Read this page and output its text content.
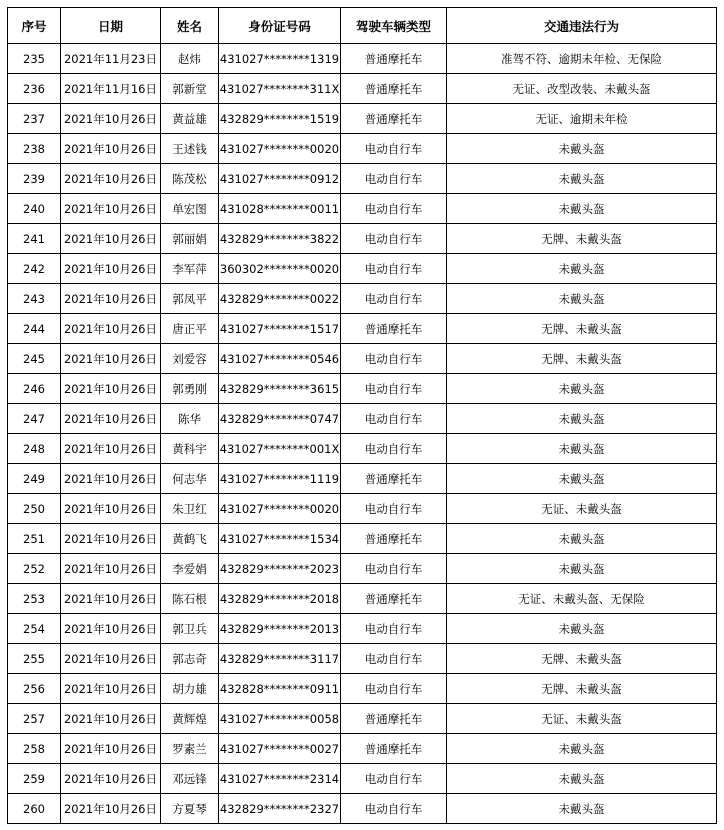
序号	日期	姓名	身份证号码	驾驶车辆类型	交通违法行为
235	2021年11月23日	赵炜	431027********1319	普通摩托车	准驾不符、逾期未年检、无保险
236	2021年11月16日	郭新堂	431027********311X	普通摩托车	无证、改型改装、未戴头盔
237	2021年10月26日	黄益雄	432829********1519	普通摩托车	无证、逾期未年检
238	2021年10月26日	王述钱	431027********0020	电动自行车	未戴头盔
239	2021年10月26日	陈茂松	431027********0912	电动自行车	未戴头盔
240	2021年10月26日	单宏图	431028********0011	电动自行车	未戴头盔
241	2021年10月26日	郭丽娟	432829********3822	电动自行车	无牌、未戴头盔
242	2021年10月26日	李军萍	360302********0020	电动自行车	未戴头盔
243	2021年10月26日	郭凤平	432829********0022	电动自行车	未戴头盔
244	2021年10月26日	唐正平	431027********1517	普通摩托车	无牌、未戴头盔
245	2021年10月26日	刘爱容	431027********0546	电动自行车	无牌、未戴头盔
246	2021年10月26日	郭勇刚	432829********3615	电动自行车	未戴头盔
247	2021年10月26日	陈华	432829********0747	电动自行车	未戴头盔
248	2021年10月26日	黄科宇	431027********001X	电动自行车	未戴头盔
249	2021年10月26日	何志华	431027********1119	普通摩托车	未戴头盔
250	2021年10月26日	朱卫红	431027********0020	电动自行车	无证、未戴头盔
251	2021年10月26日	黄鹤飞	431027********1534	普通摩托车	未戴头盔
252	2021年10月26日	李爱娟	432829********2023	电动自行车	未戴头盔
253	2021年10月26日	陈石根	432829********2018	普通摩托车	无证、未戴头盔、无保险
254	2021年10月26日	郭卫兵	432829********2013	电动自行车	未戴头盔
255	2021年10月26日	郭志奇	432829********3117	电动自行车	无牌、未戴头盔
256	2021年10月26日	胡力雄	432828********0911	电动自行车	无牌、未戴头盔
257	2021年10月26日	黄辉煌	431027********0058	普通摩托车	无证、未戴头盔
258	2021年10月26日	罗素兰	431027********0027	普通摩托车	未戴头盔
259	2021年10月26日	邓远锋	431027********2314	电动自行车	未戴头盔
260	2021年10月26日	方夏琴	432829********2327	电动自行车	未戴头盔
